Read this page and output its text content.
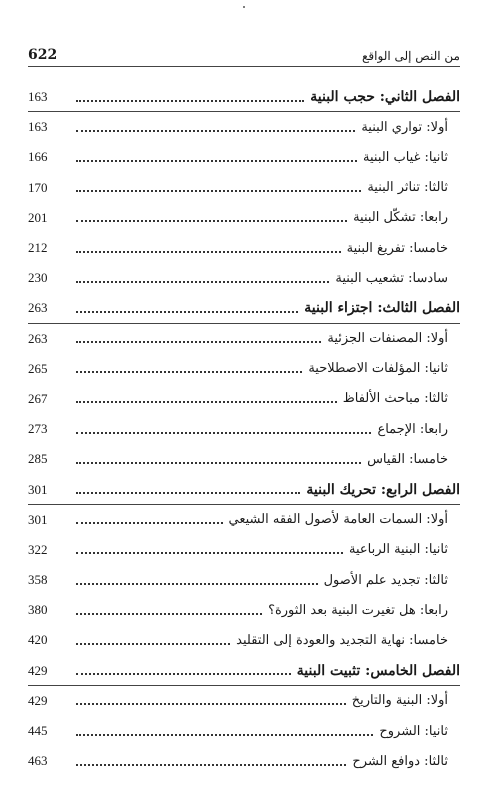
622	من النص إلى الواقع
163	الفصل الثاني: حجب البنية
163	أولا: تواري البنية
166	ثانيا: غياب البنية
170	ثالثا: تناثر البنية
201	رابعا: تشكّل البنية
212	خامسا: تفريغ البنية
230	سادسا: تشعيب البنية
263	الفصل الثالث: اجتزاء البنية
263	أولا: المصنفات الجزئية
265	ثانيا: المؤلفات الاصطلاحية
267	ثالثا: مباحث الألفاظ
273	رابعا: الإجماع
285	خامسا: القياس
301	الفصل الرابع: تحريك البنية
301	أولا: السمات العامة لأصول الفقه الشيعي
322	ثانيا: البنية الرباعية
358	ثالثا: تجديد علم الأصول
380	رابعا: هل تغيرت البنية بعد الثورة؟
420	خامسا: نهاية التجديد والعودة إلى التقليد
429	الفصل الخامس: تثبيت البنية
429	أولا: البنية والتاريخ
445	ثانيا: الشروح
463	ثالثا: دوافع الشرح
